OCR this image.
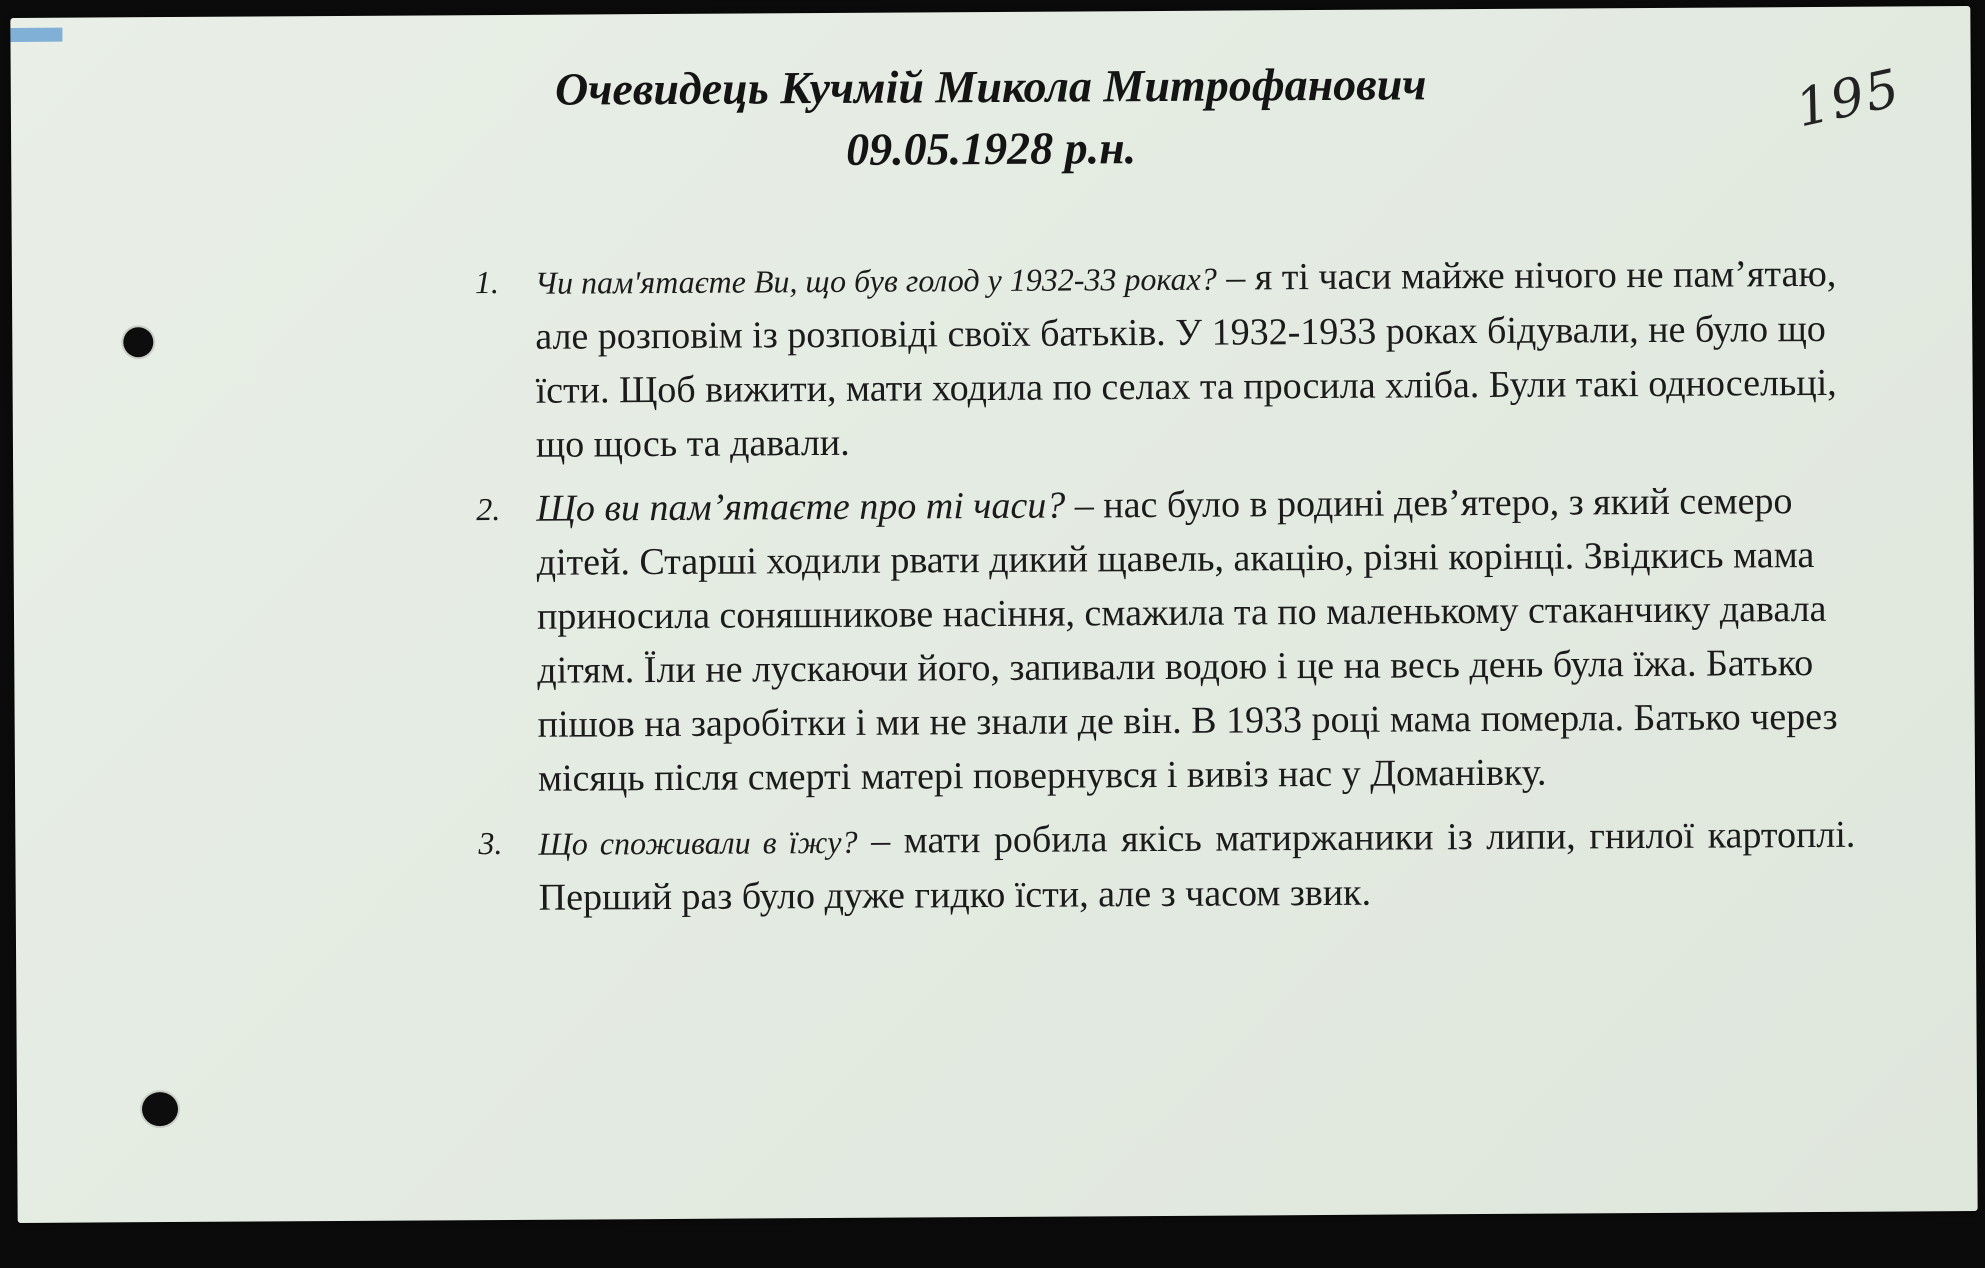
Очевидець Кучмій Микола Митрофанович
09.05.1928 р.н.
195
1. Чи пам'ятаєте Ви, що був голод у 1932-33 роках? – я ті часи майже нічого не пам’ятаю, але розповім із розповіді своїх батьків. У 1932-1933 роках бідували, не було що їсти. Щоб вижити, мати ходила по селах та просила хліба. Були такі односельці, що щось та давали.
2. Що ви пам’ятаєте про ті часи? – нас було в родині дев’ятеро, з який семеро дітей. Старші ходили рвати дикий щавель, акацію, різні корінці. Звідкись мама приносила соняшникове насіння, смажила та по маленькому стаканчику давала дітям. Їли не лускаючи його, запивали водою і це на весь день була їжа. Батько пішов на заробітки і ми не знали де він. В 1933 році мама померла. Батько через місяць після смерті матері повернувся і вивіз нас у Доманівку.
3. Що споживали в їжу? – мати робила якісь матиржаники із липи, гнилої картоплі. Перший раз було дуже гидко їсти, але з часом звик.
